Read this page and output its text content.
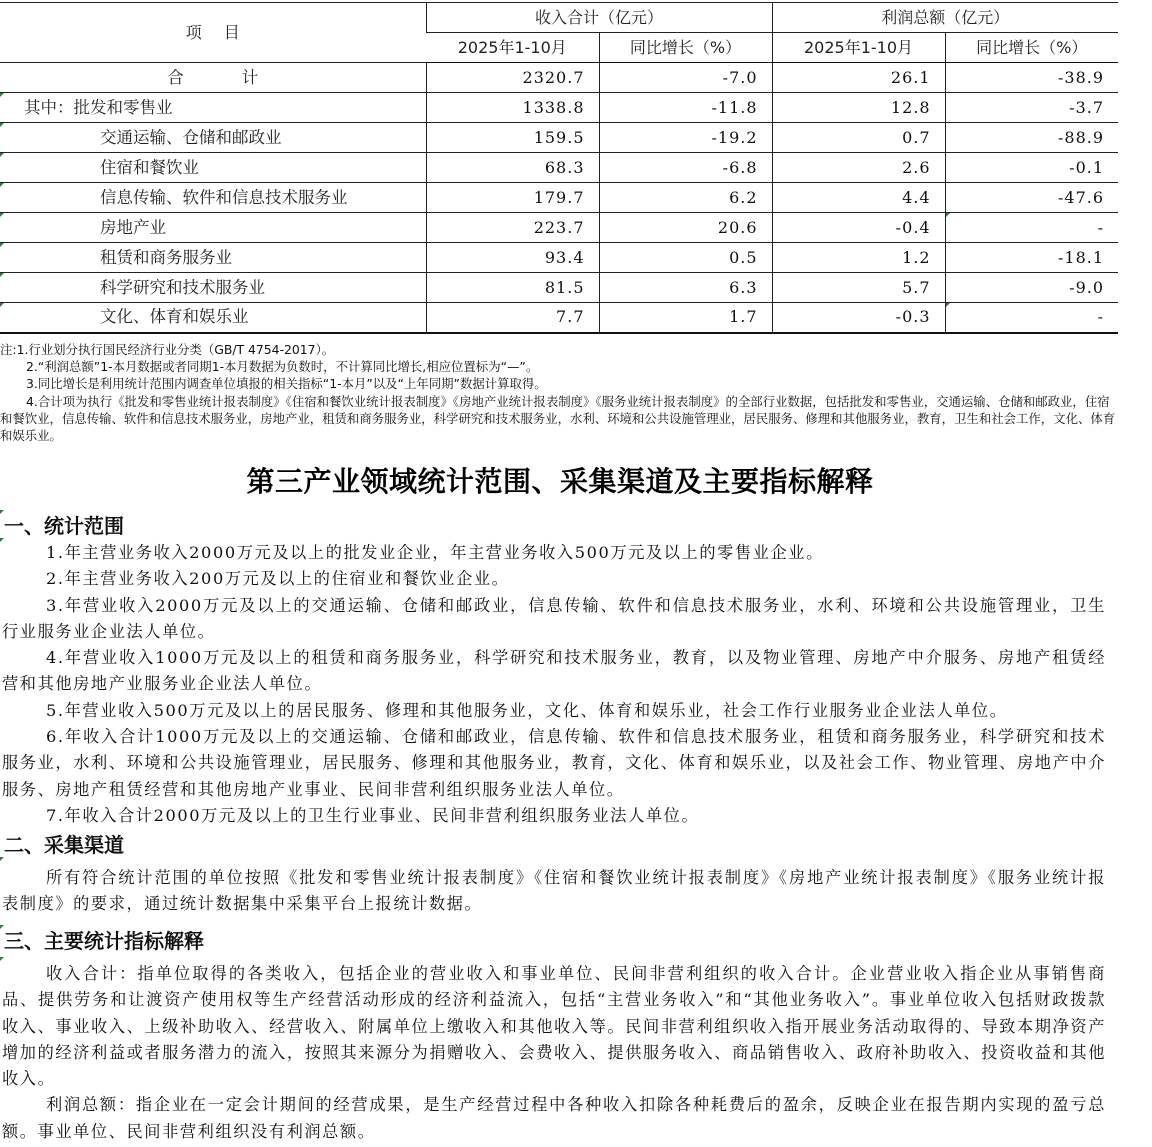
项目	收入合计（亿元）		利润总额（亿元）	
	2025年1-10月	同比增长（%）	2025年1-10月	同比增长（%）
合计	2320.7	-7.0	26.1	-38.9
其中：批发和零售业	1338.8	-11.8	12.8	-3.7
交通运输、仓储和邮政业	159.5	-19.2	0.7	-88.9
住宿和餐饮业	68.3	-6.8	2.6	-0.1
信息传输、软件和信息技术服务业	179.7	6.2	4.4	-47.6
房地产业	223.7	20.6	-0.4	-
租赁和商务服务业	93.4	0.5	1.2	-18.1
科学研究和技术服务业	81.5	6.3	5.7	-9.0
文化、体育和娱乐业	7.7	1.7	-0.3	-

注:1.行业划分执行国民经济行业分类（GB/T 4754-2017）。

2.“利润总额”1-本月数据或者同期1-本月数据为负数时，不计算同比增长,相应位置标为“—”。

3.同比增长是利用统计范围内调查单位填报的相关指标“1-本月”以及“上年同期”数据计算取得。

4.合计项为执行《批发和零售业统计报表制度》《住宿和餐饮业统计报表制度》《房地产业统计报表制度》《服务业统计报表制度》的全部行业数据，包括批发和零售业，交通运输、仓储和邮政业，住宿和餐饮业，信息传输、软件和信息技术服务业，房地产业，租赁和商务服务业，科学研究和技术服务业，水利、环境和公共设施管理业，居民服务、修理和其他服务业，教育，卫生和社会工作，文化、体育和娱乐业。

第三产业领域统计范围、采集渠道及主要指标解释
一、统计范围

1.年主营业务收入2000万元及以上的批发业企业，年主营业务收入500万元及以上的零售业企业。

2.年主营业务收入200万元及以上的住宿业和餐饮业企业。

3.年营业收入2000万元及以上的交通运输、仓储和邮政业，信息传输、软件和信息技术服务业，水利、环境和公共设施管理业，卫生行业服务业企业法人单位。

4.年营业收入1000万元及以上的租赁和商务服务业，科学研究和技术服务业，教育，以及物业管理、房地产中介服务、房地产租赁经营和其他房地产业服务业企业法人单位。

5.年营业收入500万元及以上的居民服务、修理和其他服务业，文化、体育和娱乐业，社会工作行业服务业企业法人单位。

6.年收入合计1000万元及以上的交通运输、仓储和邮政业，信息传输、软件和信息技术服务业，租赁和商务服务业，科学研究和技术服务业，水利、环境和公共设施管理业，居民服务、修理和其他服务业，教育，文化、体育和娱乐业，以及社会工作、物业管理、房地产中介服务、房地产租赁经营和其他房地产业事业、民间非营利组织服务业法人单位。

7.年收入合计2000万元及以上的卫生行业事业、民间非营利组织服务业法人单位。

二、采集渠道

所有符合统计范围的单位按照《批发和零售业统计报表制度》《住宿和餐饮业统计报表制度》《房地产业统计报表制度》《服务业统计报表制度》的要求，通过统计数据集中采集平台上报统计数据。

三、主要统计指标解释

收入合计：指单位取得的各类收入，包括企业的营业收入和事业单位、民间非营利组织的收入合计。企业营业收入指企业从事销售商品、提供劳务和让渡资产使用权等生产经营活动形成的经济利益流入，包括“主营业务收入”和“其他业务收入”。事业单位收入包括财政拨款收入、事业收入、上级补助收入、经营收入、附属单位上缴收入和其他收入等。民间非营利组织收入指开展业务活动取得的、导致本期净资产增加的经济利益或者服务潜力的流入，按照其来源分为捐赠收入、会费收入、提供服务收入、商品销售收入、政府补助收入、投资收益和其他收入。

利润总额：指企业在一定会计期间的经营成果，是生产经营过程中各种收入扣除各种耗费后的盈余，反映企业在报告期内实现的盈亏总额。事业单位、民间非营利组织没有利润总额。
